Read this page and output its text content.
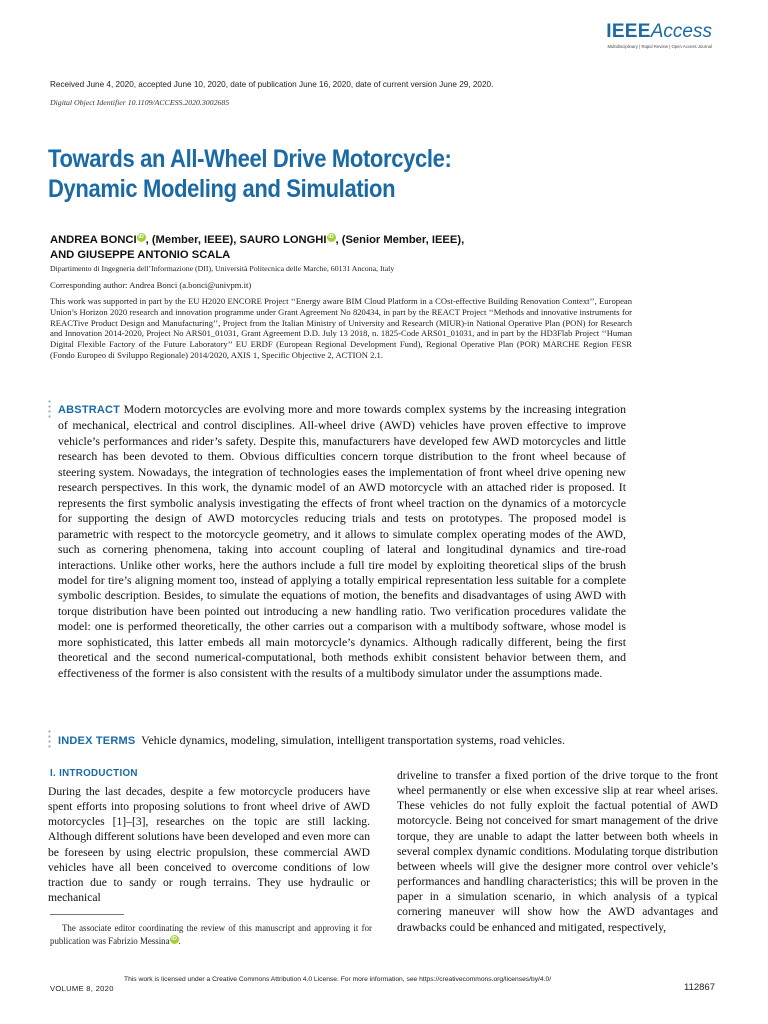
IEEEAccess
Multidisciplinary | Rapid Review | Open Access Journal
Received June 4, 2020, accepted June 10, 2020, date of publication June 16, 2020, date of current version June 29, 2020.
Digital Object Identifier 10.1109/ACCESS.2020.3002685
Towards an All-Wheel Drive Motorcycle:
Dynamic Modeling and Simulation
ANDREA BONCI iD , (Member, IEEE), SAURO LONGHI iD , (Senior Member, IEEE),
AND GIUSEPPE ANTONIO SCALA
Dipartimento di Ingegneria dell’Informazione (DII), Università Politecnica delle Marche, 60131 Ancona, Italy
Corresponding author: Andrea Bonci (a.bonci@univpm.it)
This work was supported in part by the EU H2020 ENCORE Project ‘‘Energy aware BIM Cloud Platform in a COst-effective Building Renovation Context’’, European Union’s Horizon 2020 research and innovation programme under Grant Agreement No 820434, in part by the REACT Project ‘‘Methods and innovative instruments for REACTive Product Design and Manufacturing’’, Project from the Italian Ministry of University and Research (MIUR)-in National Operative Plan (PON) for Research and Innovation 2014-2020, Project No ARS01_01031, Grant Agreement D.D. July 13 2018, n. 1825-Code ARS01_01031, and in part by the HD3Flab Project ‘‘Human Digital Flexible Factory of the Future Laboratory’’ EU ERDF (European Regional Development Fund), Regional Operative Plan (POR) MARCHE Region FESR (Fondo Europeo di Sviluppo Regionale) 2014/2020, AXIS 1, Specific Objective 2, ACTION 2.1.
ABSTRACT Modern motorcycles are evolving more and more towards complex systems by the increasing integration of mechanical, electrical and control disciplines. All-wheel drive (AWD) vehicles have proven effective to improve vehicle’s performances and rider’s safety. Despite this, manufacturers have developed few AWD motorcycles and little research has been devoted to them. Obvious difficulties concern torque distribution to the front wheel because of steering system. Nowadays, the integration of technologies eases the implementation of front wheel drive opening new research perspectives. In this work, the dynamic model of an AWD motorcycle with an attached rider is proposed. It represents the first symbolic analysis investigating the effects of front wheel traction on the dynamics of a motorcycle for supporting the design of AWD motorcycles reducing trials and tests on prototypes. The proposed model is parametric with respect to the motorcycle geometry, and it allows to simulate complex operating modes of the AWD, such as cornering phenomena, taking into account coupling of lateral and longitudinal dynamics and tire-road interactions. Unlike other works, here the authors include a full tire model by exploiting theoretical slips of the brush model for tire’s aligning moment too, instead of applying a totally empirical representation less suitable for a complete symbolic description. Besides, to simulate the equations of motion, the benefits and disadvantages of using AWD with torque distribution have been pointed out introducing a new handling ratio. Two verification procedures validate the model: one is performed theoretically, the other carries out a comparison with a multibody software, whose model is more sophisticated, this latter embeds all main motorcycle’s dynamics. Although radically different, being the first theoretical and the second numerical-computational, both methods exhibit consistent behavior between them, and effectiveness of the former is also consistent with the results of a multibody simulator under the assumptions made.
INDEX TERMS Vehicle dynamics, modeling, simulation, intelligent transportation systems, road vehicles.
I. INTRODUCTION
During the last decades, despite a few motorcycle producers have spent efforts into proposing solutions to front wheel drive of AWD motorcycles [1]–[3], researches on the topic are still lacking. Although different solutions have been developed and even more can be foreseen by using electric propulsion, these commercial AWD vehicles have all been conceived to overcome conditions of low traction due to sandy or rough terrains. They use hydraulic or mechanical
driveline to transfer a fixed portion of the drive torque to the front wheel permanently or else when excessive slip at rear wheel arises. These vehicles do not fully exploit the factual potential of AWD motorcycle. Being not conceived for smart management of the drive torque, they are unable to adapt the latter between both wheels in several complex dynamic conditions. Modulating torque distribution between wheels will give the designer more control over vehicle’s performances and handling characteristics; this will be proven in the paper in a simulation scenario, in which analysis of a typical cornering maneuver will show how the AWD advantages and drawbacks could be enhanced and mitigated, respectively,
The associate editor coordinating the review of this manuscript and approving it for publication was Fabrizio Messina iD .
VOLUME 8, 2020
This work is licensed under a Creative Commons Attribution 4.0 License. For more information, see https://creativecommons.org/licenses/by/4.0/
112867
